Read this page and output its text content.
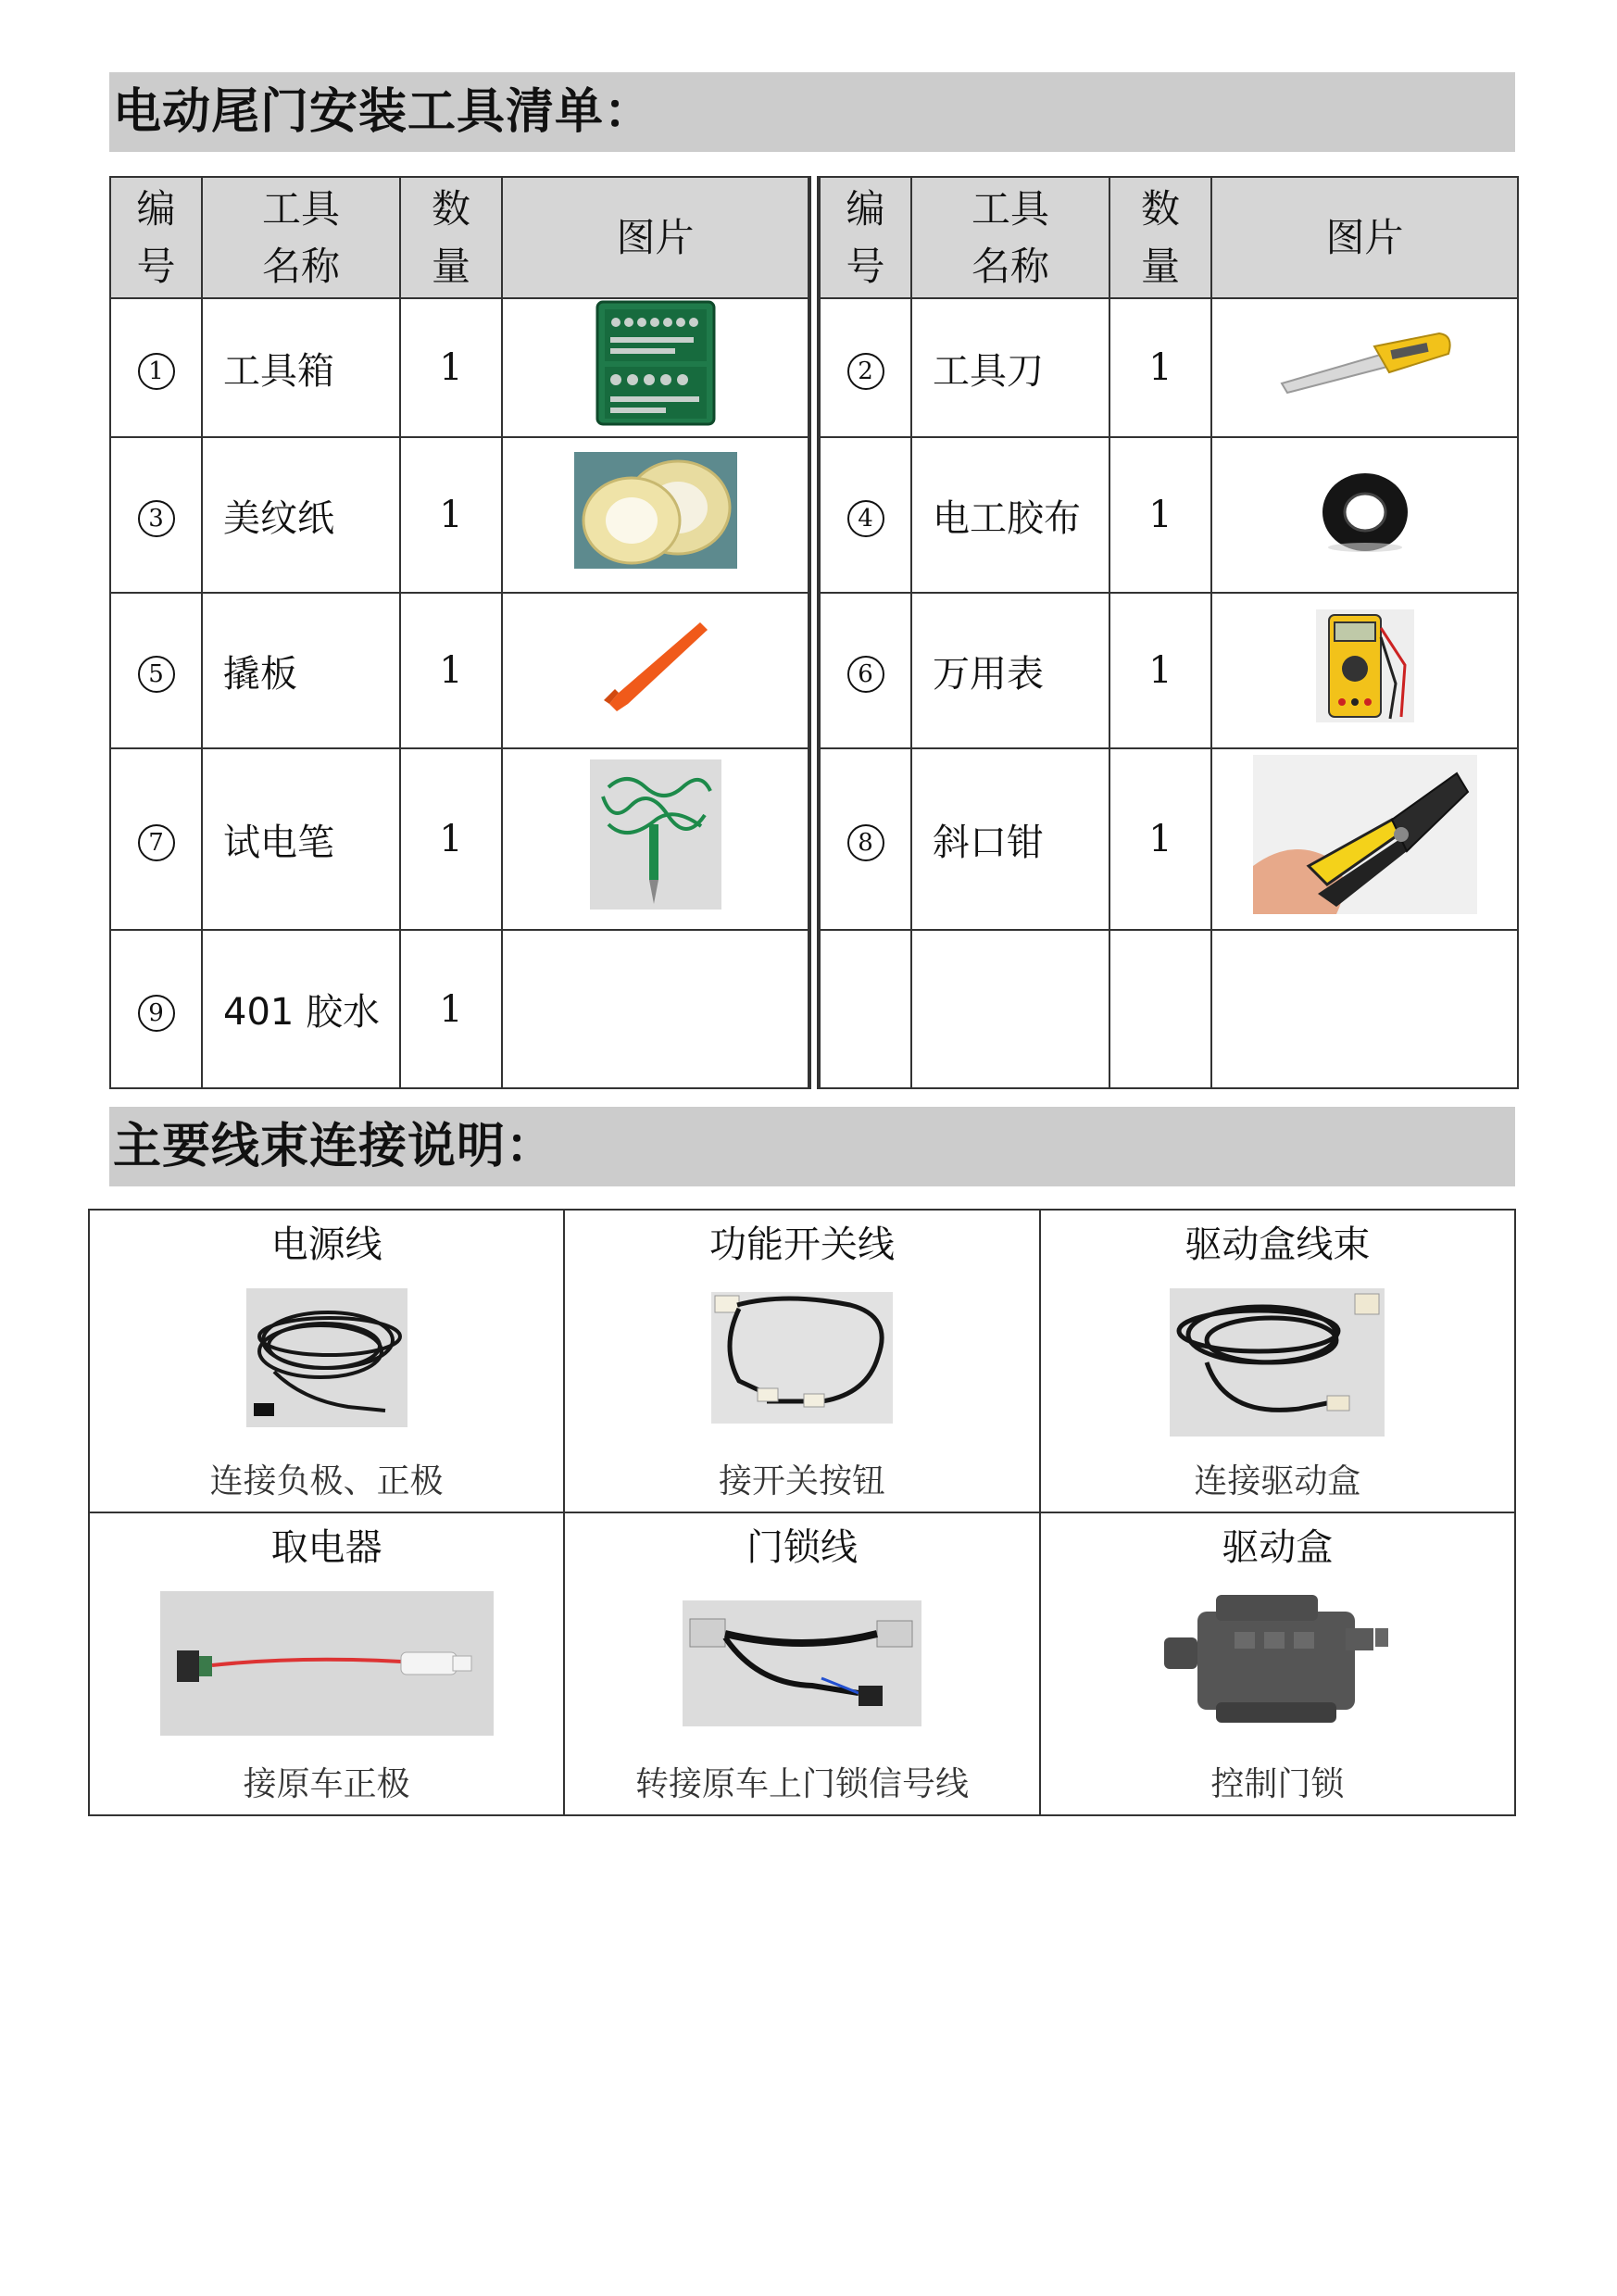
电动尾门安装工具清单：
编号	工具名称	数量	图片
1	工具箱	1	
3	美纹纸	1	
5	撬板	1	
7	试电笔	1	
9	401 胶水	1	
编号	工具名称	数量	图片
2	工具刀	1	
4	电工胶布	1	
6	万用表	1	
8	斜口钳	1	

主要线束连接说明：
电源线
连接负极、正极	功能开关线
接开关按钮	驱动盒线束
连接驱动盒

取电器
接原车正极	门锁线
转接原车上门锁信号线	驱动盒
控制门锁
